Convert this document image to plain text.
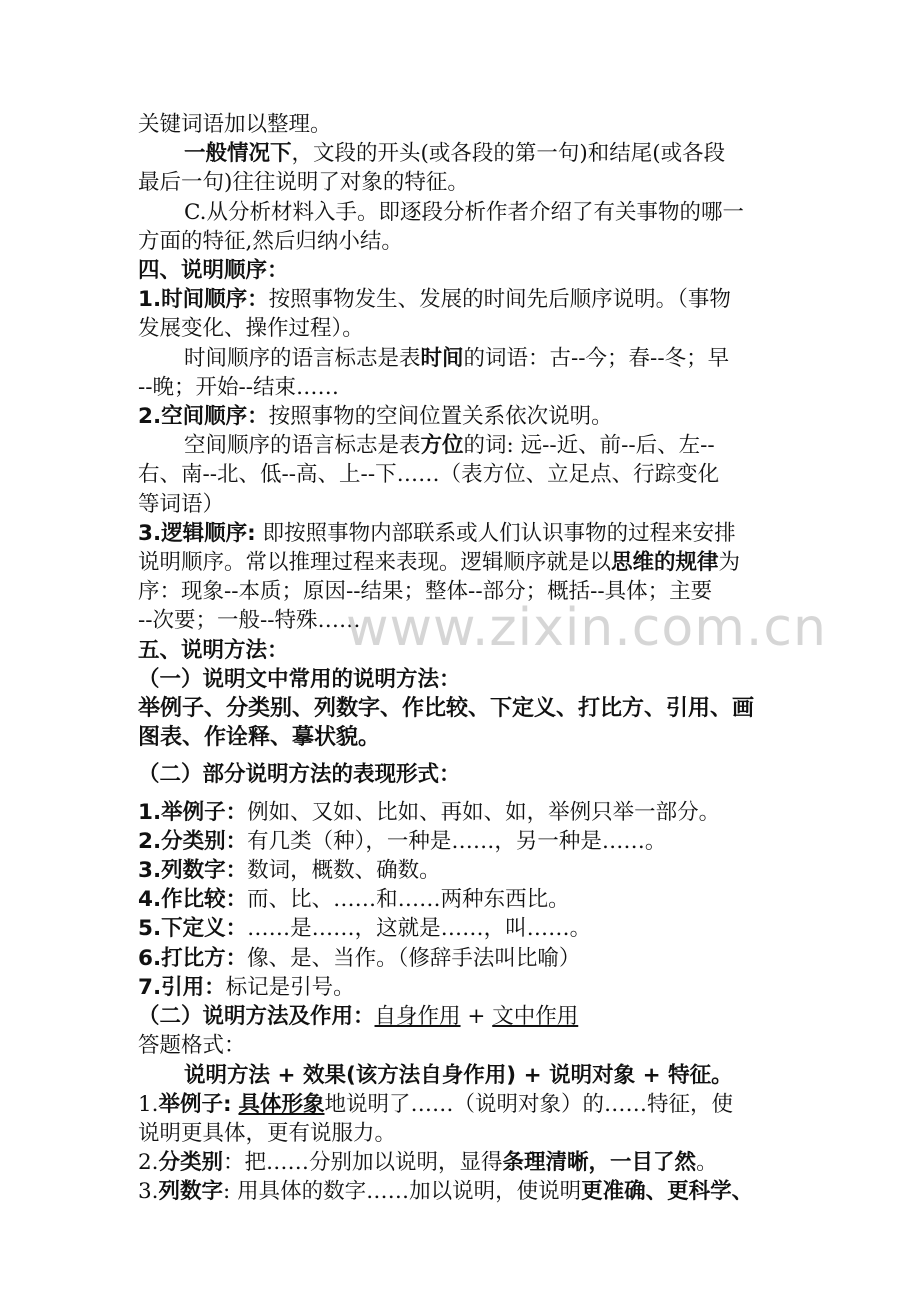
关键词语加以整理。
一般情况下，文段的开头(或各段的第一句)和结尾(或各段
最后一句)往往说明了对象的特征。
C.从分析材料入手。即逐段分析作者介绍了有关事物的哪一
方面的特征,然后归纳小结。
四、说明顺序：
1.时间顺序：按照事物发生、发展的时间先后顺序说明。（事物
发展变化、操作过程）。
时间顺序的语言标志是表时间的词语：古--今；春--冬；早
--晚；开始--结束……
2.空间顺序：按照事物的空间位置关系依次说明。
空间顺序的语言标志是表方位的词: 远--近、前--后、左--
右、南--北、低--高、上--下……（表方位、立足点、行踪变化
等词语）
3.逻辑顺序: 即按照事物内部联系或人们认识事物的过程来安排
说明顺序。常以推理过程来表现。逻辑顺序就是以思维的规律为
序：现象--本质；原因--结果；整体--部分；概括--具体；主要
--次要；一般--特殊……
五、说明方法：
（一）说明文中常用的说明方法：
举例子、分类别、列数字、作比较、下定义、打比方、引用、画
图表、作诠释、摹状貌。
（二）部分说明方法的表现形式：
1.举例子：例如、又如、比如、再如、如，举例只举一部分。
2.分类别：有几类（种），一种是……，另一种是……。
3.列数字：数词，概数、确数。
4.作比较：而、比、……和……两种东西比。
5.下定义：……是……，这就是……，叫……。
6.打比方：像、是、当作。（修辞手法叫比喻）
7.引用：标记是引号。
（二）说明方法及作用：自身作用 + 文中作用
答题格式：
说明方法 + 效果(该方法自身作用) + 说明对象 + 特征。
1.举例子: 具体形象地说明了……（说明对象）的……特征，使
说明更具体，更有说服力。
2.分类别：把……分别加以说明，显得条理清晰，一目了然。
3.列数字: 用具体的数字……加以说明，使说明更准确、更科学、
www.zixin.com.cn
